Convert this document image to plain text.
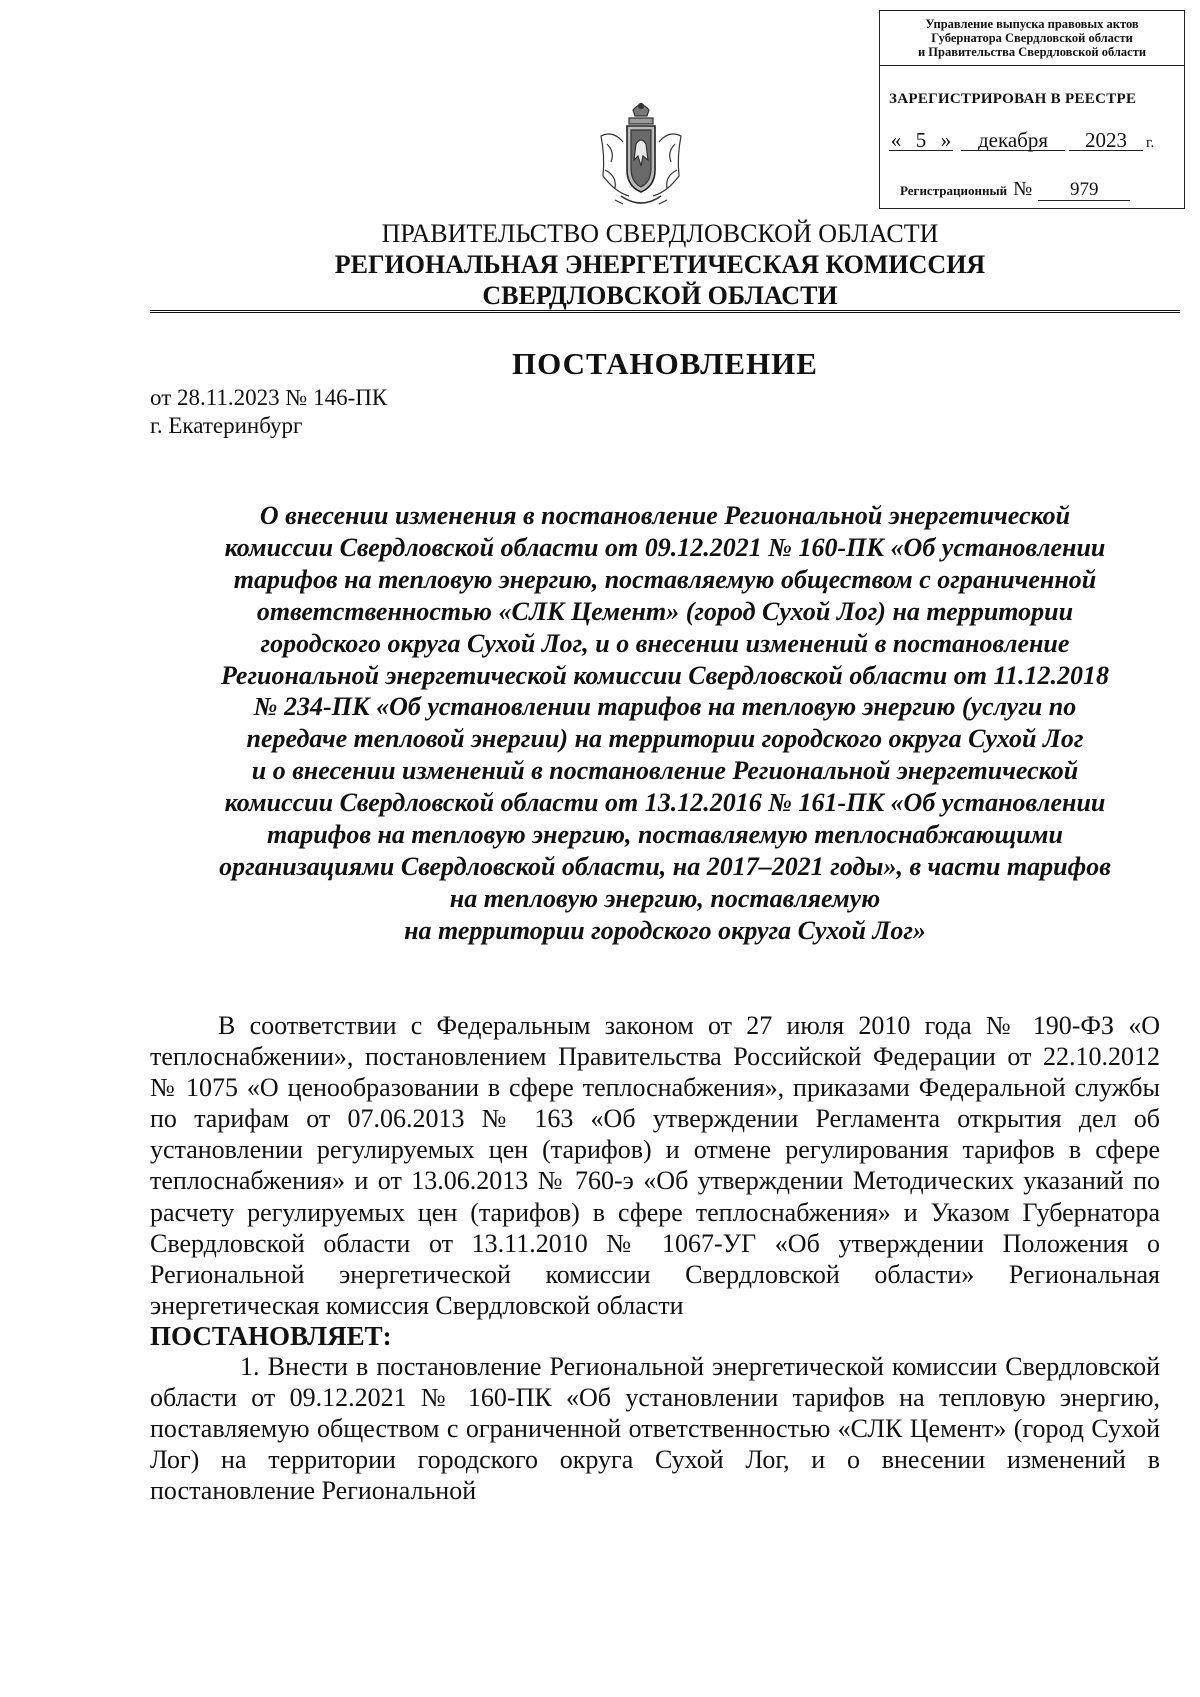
Управление выпуска правовых актов
Губернатора Свердловской области
и Правительства Свердловской области
ЗАРЕГИСТРИРОВАН В РЕЕСТРЕ
« 5 » декабря 2023 г.
Регистрационный № 979
ПРАВИТЕЛЬСТВО СВЕРДЛОВСКОЙ ОБЛАСТИ
РЕГИОНАЛЬНАЯ ЭНЕРГЕТИЧЕСКАЯ КОМИССИЯ
СВЕРДЛОВСКОЙ ОБЛАСТИ
ПОСТАНОВЛЕНИЕ
от 28.11.2023 № 146-ПК
г. Екатеринбург
О внесении изменения в постановление Региональной энергетической
комиссии Свердловской области от 09.12.2021 № 160-ПК «Об установлении
тарифов на тепловую энергию, поставляемую обществом с ограниченной
ответственностью «СЛК Цемент» (город Сухой Лог) на территории
городского округа Сухой Лог, и о внесении изменений в постановление
Региональной энергетической комиссии Свердловской области от 11.12.2018
№ 234-ПК «Об установлении тарифов на тепловую энергию (услуги по
передаче тепловой энергии) на территории городского округа Сухой Лог
и о внесении изменений в постановление Региональной энергетической
комиссии Свердловской области от 13.12.2016 № 161-ПК «Об установлении
тарифов на тепловую энергию, поставляемую теплоснабжающими
организациями Свердловской области, на 2017–2021 годы», в части тарифов
на тепловую энергию, поставляемую
на территории городского округа Сухой Лог»

В соответствии с Федеральным законом от 27 июля 2010 года № 190-ФЗ «О теплоснабжении», постановлением Правительства Российской Федерации от 22.10.2012 № 1075 «О ценообразовании в сфере теплоснабжения», приказами Федеральной службы по тарифам от 07.06.2013 № 163 «Об утверждении Регламента открытия дел об установлении регулируемых цен (тарифов) и отмене регулирования тарифов в сфере теплоснабжения» и от 13.06.2013 № 760-э «Об утверждении Методических указаний по расчету регулируемых цен (тарифов) в сфере теплоснабжения» и Указом Губернатора Свердловской области от 13.11.2010 № 1067-УГ «Об утверждении Положения о Региональной энергетической комиссии Свердловской области» Региональная энергетическая комиссия Свердловской области

ПОСТАНОВЛЯЕТ:

1. Внести в постановление Региональной энергетической комиссии Свердловской области от 09.12.2021 № 160-ПК «Об установлении тарифов на тепловую энергию, поставляемую обществом с ограниченной ответственностью «СЛК Цемент» (город Сухой Лог) на территории городского округа Сухой Лог, и о внесении изменений в постановление Региональной
